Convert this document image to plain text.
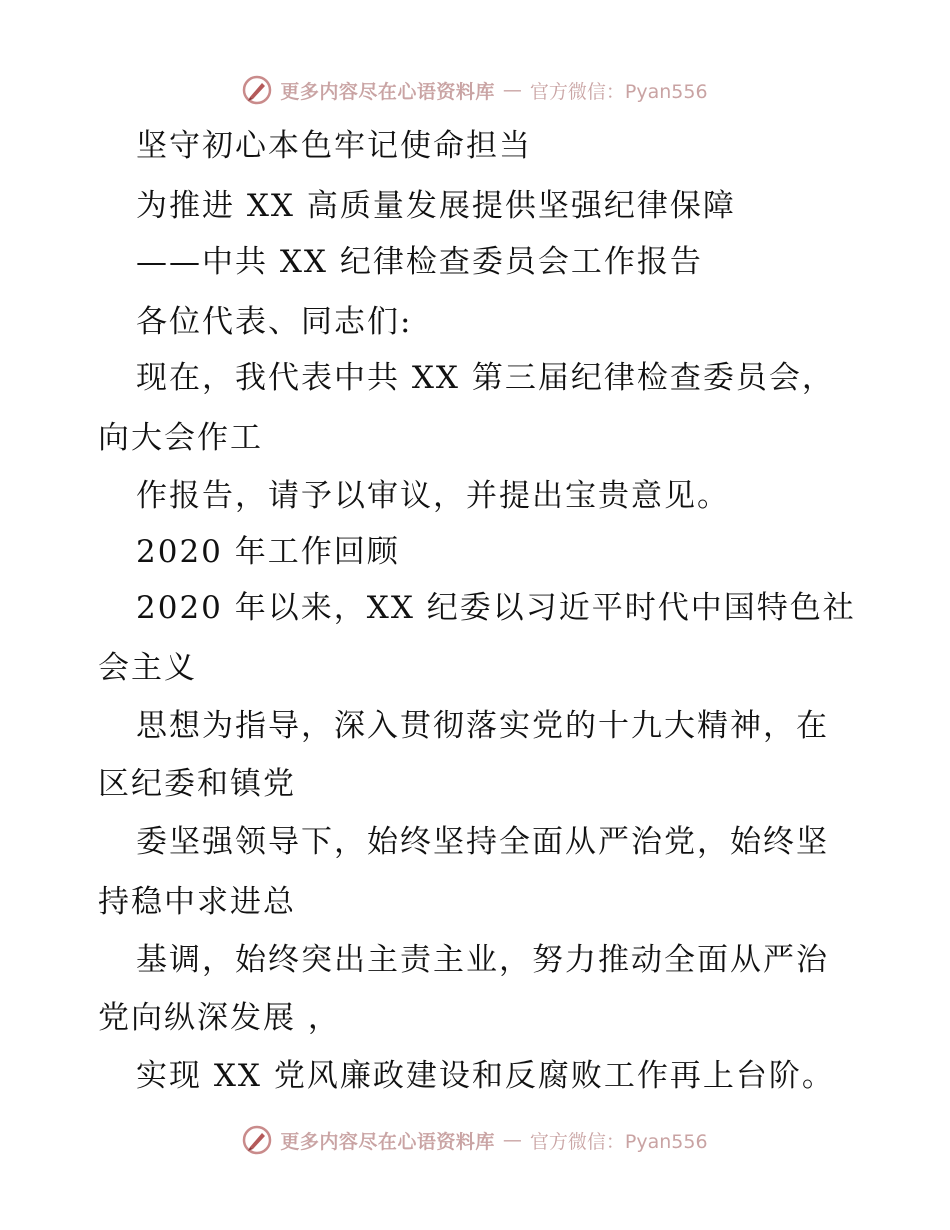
更多内容尽在心语资料库 — 官方微信：Pyan556
坚守初心本色牢记使命担当
为推进 XX 高质量发展提供坚强纪律保障
——中共 XX 纪律检查委员会工作报告
各位代表、同志们:
现在，我代表中共 XX 第三届纪律检查委员会，
向大会作工
作报告，请予以审议，并提出宝贵意见。
2020 年工作回顾
2020 年以来，XX 纪委以习近平时代中国特色社
会主义
思想为指导，深入贯彻落实党的十九大精神，在
区纪委和镇党
委坚强领导下，始终坚持全面从严治党，始终坚
持稳中求进总
基调，始终突出主责主业，努力推动全面从严治
党向纵深发展 ，
实现 XX 党风廉政建设和反腐败工作再上台阶。
更多内容尽在心语资料库 — 官方微信：Pyan556
